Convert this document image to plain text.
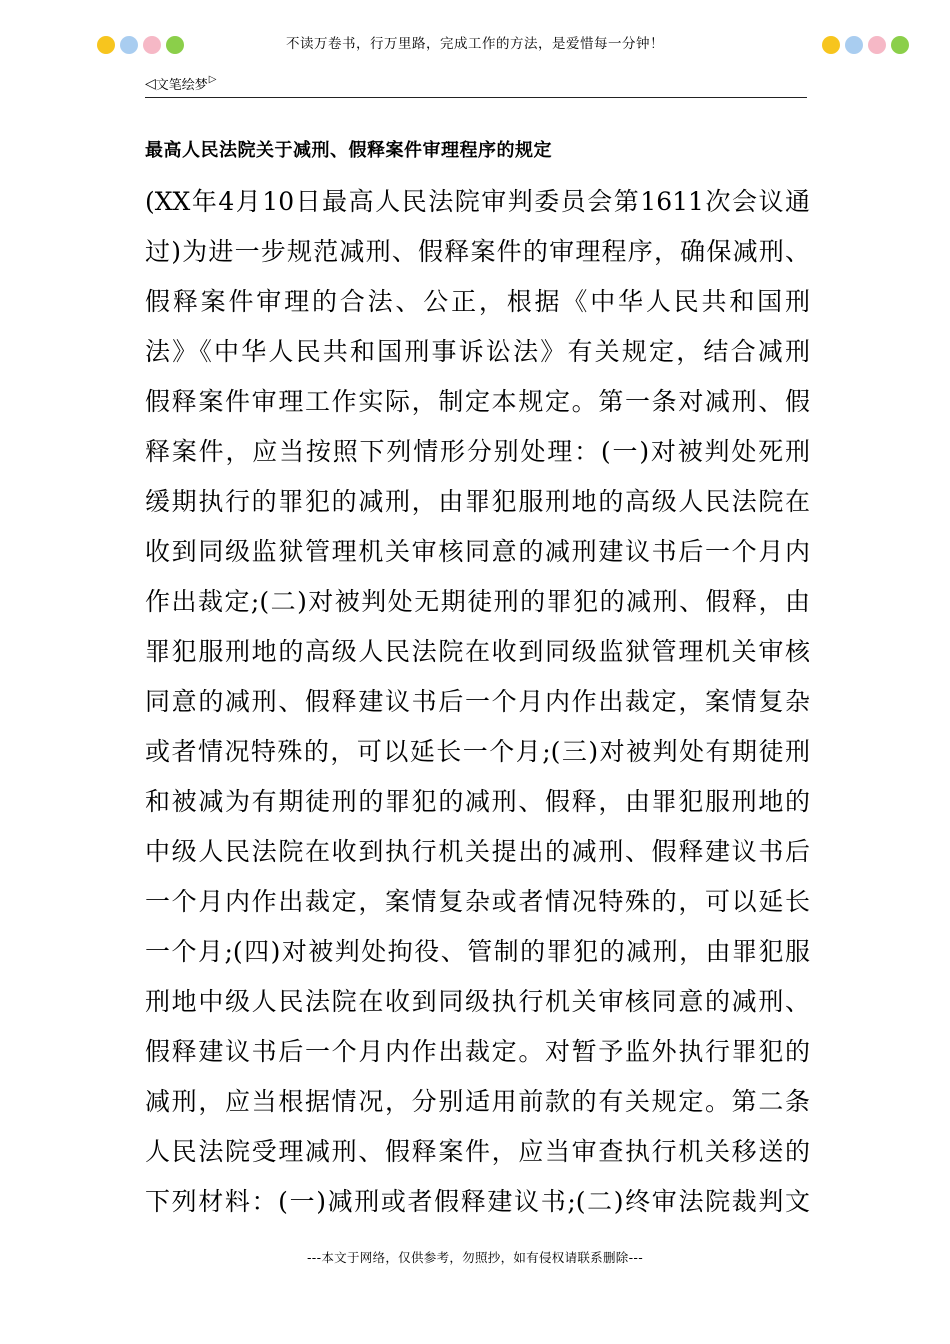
不读万卷书，行万里路，完成工作的方法，是爱惜每一分钟！
◁ 文笔绘梦 ▷
最高人民法院关于减刑、假释案件审理程序的规定
(XX年4月10日最高人民法院审判委员会第1611次会议通
过)为进一步规范减刑、假释案件的审理程序，确保减刑、
假释案件审理的合法、公正，根据《中华人民共和国刑
法》《中华人民共和国刑事诉讼法》有关规定，结合减刑
假释案件审理工作实际，制定本规定。第一条对减刑、假
释案件，应当按照下列情形分别处理：(一)对被判处死刑
缓期执行的罪犯的减刑，由罪犯服刑地的高级人民法院在
收到同级监狱管理机关审核同意的减刑建议书后一个月内
作出裁定;(二)对被判处无期徒刑的罪犯的减刑、假释，由
罪犯服刑地的高级人民法院在收到同级监狱管理机关审核
同意的减刑、假释建议书后一个月内作出裁定，案情复杂
或者情况特殊的，可以延长一个月;(三)对被判处有期徒刑
和被减为有期徒刑的罪犯的减刑、假释，由罪犯服刑地的
中级人民法院在收到执行机关提出的减刑、假释建议书后
一个月内作出裁定，案情复杂或者情况特殊的，可以延长
一个月;(四)对被判处拘役、管制的罪犯的减刑，由罪犯服
刑地中级人民法院在收到同级执行机关审核同意的减刑、
假释建议书后一个月内作出裁定。对暂予监外执行罪犯的
减刑，应当根据情况，分别适用前款的有关规定。第二条
人民法院受理减刑、假释案件，应当审查执行机关移送的
下列材料：(一)减刑或者假释建议书;(二)终审法院裁判文
---本文于网络，仅供参考，勿照抄，如有侵权请联系删除---
